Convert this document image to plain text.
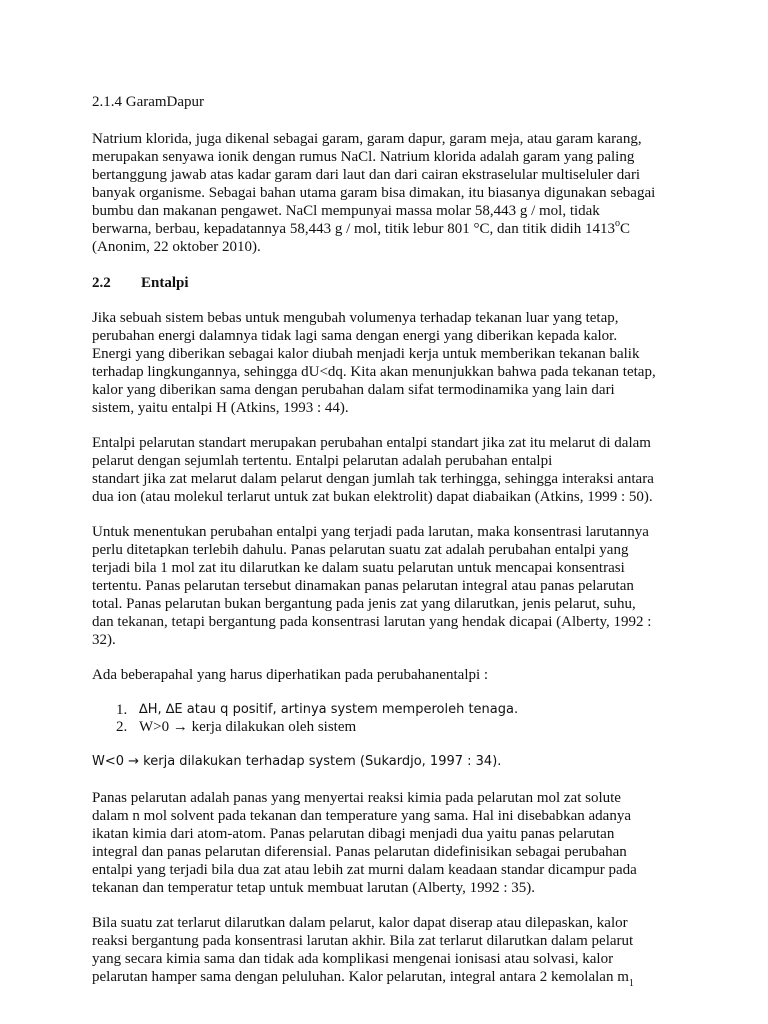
2.1.4 GaramDapur
Natrium klorida, juga dikenal sebagai garam, garam dapur, garam meja, atau garam karang,
merupakan senyawa ionik dengan rumus NaCl. Natrium klorida adalah garam yang paling
bertanggung jawab atas kadar garam dari laut dan dari cairan ekstraselular multiseluler dari
banyak organisme. Sebagai bahan utama garam bisa dimakan, itu biasanya digunakan sebagai
bumbu dan makanan pengawet. NaCl mempunyai massa molar 58,443 g / mol, tidak
berwarna, berbau, kepadatannya 58,443 g / mol, titik lebur 801 °C, dan titik didih 1413$^o$C
(Anonim, 22 oktober 2010).
2.2 Entalpi
Jika sebuah sistem bebas untuk mengubah volumenya terhadap tekanan luar yang tetap,
perubahan energi dalamnya tidak lagi sama dengan energi yang diberikan kepada kalor.
Energi yang diberikan sebagai kalor diubah menjadi kerja untuk memberikan tekanan balik
terhadap lingkungannya, sehingga dU<dq. Kita akan menunjukkan bahwa pada tekanan tetap,
kalor yang diberikan sama dengan perubahan dalam sifat termodinamika yang lain dari
sistem, yaitu entalpi H (Atkins, 1993 : 44).
Entalpi pelarutan standart merupakan perubahan entalpi standart jika zat itu melarut di dalam
pelarut dengan sejumlah tertentu. Entalpi pelarutan adalah perubahan entalpi
standart jika zat melarut dalam pelarut dengan jumlah tak terhingga, sehingga interaksi antara
dua ion (atau molekul terlarut untuk zat bukan elektrolit) dapat diabaikan (Atkins, 1999 : 50).
Untuk menentukan perubahan entalpi yang terjadi pada larutan, maka konsentrasi larutannya
perlu ditetapkan terlebih dahulu. Panas pelarutan suatu zat adalah perubahan entalpi yang
terjadi bila 1 mol zat itu dilarutkan ke dalam suatu pelarutan untuk mencapai konsentrasi
tertentu. Panas pelarutan tersebut dinamakan panas pelarutan integral atau panas pelarutan
total. Panas pelarutan bukan bergantung pada jenis zat yang dilarutkan, jenis pelarut, suhu,
dan tekanan, tetapi bergantung pada konsentrasi larutan yang hendak dicapai (Alberty, 1992 :
32).
Ada beberapahal yang harus diperhatikan pada perubahanentalpi :
1. ∆H, ∆E atau q positif, artinya system memperoleh tenaga.
2. W>0 → kerja dilakukan oleh sistem
W<0 → kerja dilakukan terhadap system (Sukardjo, 1997 : 34).
Panas pelarutan adalah panas yang menyertai reaksi kimia pada pelarutan mol zat solute
dalam n mol solvent pada tekanan dan temperature yang sama. Hal ini disebabkan adanya
ikatan kimia dari atom-atom. Panas pelarutan dibagi menjadi dua yaitu panas pelarutan
integral dan panas pelarutan diferensial. Panas pelarutan didefinisikan sebagai perubahan
entalpi yang terjadi bila dua zat atau lebih zat murni dalam keadaan standar dicampur pada
tekanan dan temperatur tetap untuk membuat larutan (Alberty, 1992 : 35).
Bila suatu zat terlarut dilarutkan dalam pelarut, kalor dapat diserap atau dilepaskan, kalor
reaksi bergantung pada konsentrasi larutan akhir. Bila zat terlarut dilarutkan dalam pelarut
yang secara kimia sama dan tidak ada komplikasi mengenai ionisasi atau solvasi, kalor
pelarutan hamper sama dengan peluluhan. Kalor pelarutan, integral antara 2 kemolalan $m_1$
